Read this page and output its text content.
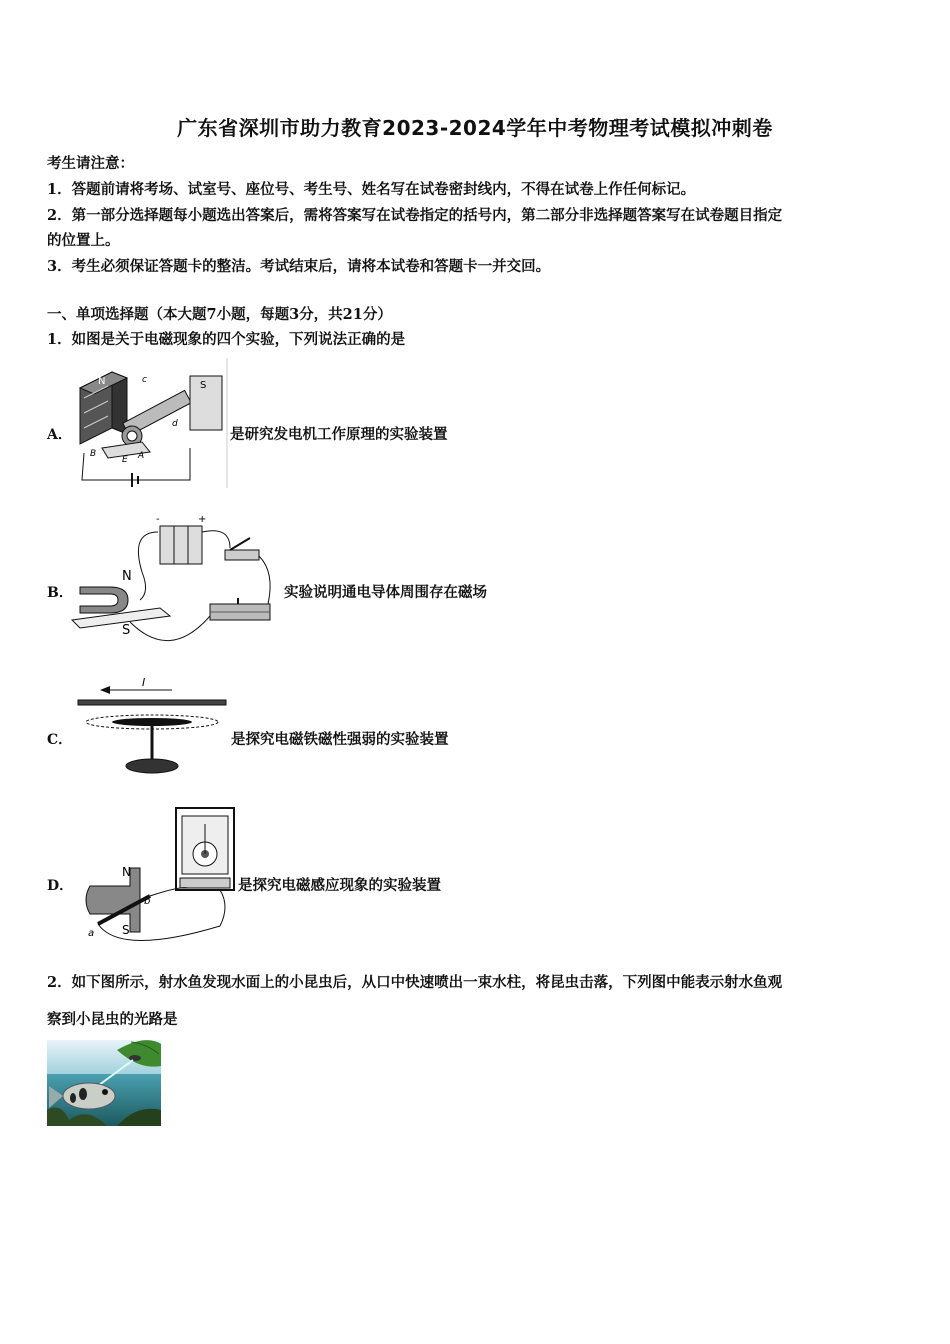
广东省深圳市助力教育2023-2024学年中考物理考试模拟冲刺卷
考生请注意：
1．答题前请将考场、试室号、座位号、考生号、姓名写在试卷密封线内，不得在试卷上作任何标记。
2．第一部分选择题每小题选出答案后，需将答案写在试卷指定的括号内，第二部分非选择题答案写在试卷题目指定
的位置上。
3．考生必须保证答题卡的整洁。考试结束后，请将本试卷和答题卡一并交回。
一、单项选择题（本大题7小题，每题3分，共21分）
1．如图是关于电磁现象的四个实验，下列说法正确的是
A．
N	S
c
d
B
E A
是研究发电机工作原理的实验装置
B．
-	+
N
S
实验说明通电导体周围存在磁场
C．
I
是探究电磁铁磁性强弱的实验装置
D．
N
S
a
b
是探究电磁感应现象的实验装置
2．如下图所示，射水鱼发现水面上的小昆虫后，从口中快速喷出一束水柱，将昆虫击落，下列图中能表示射水鱼观
察到小昆虫的光路是
